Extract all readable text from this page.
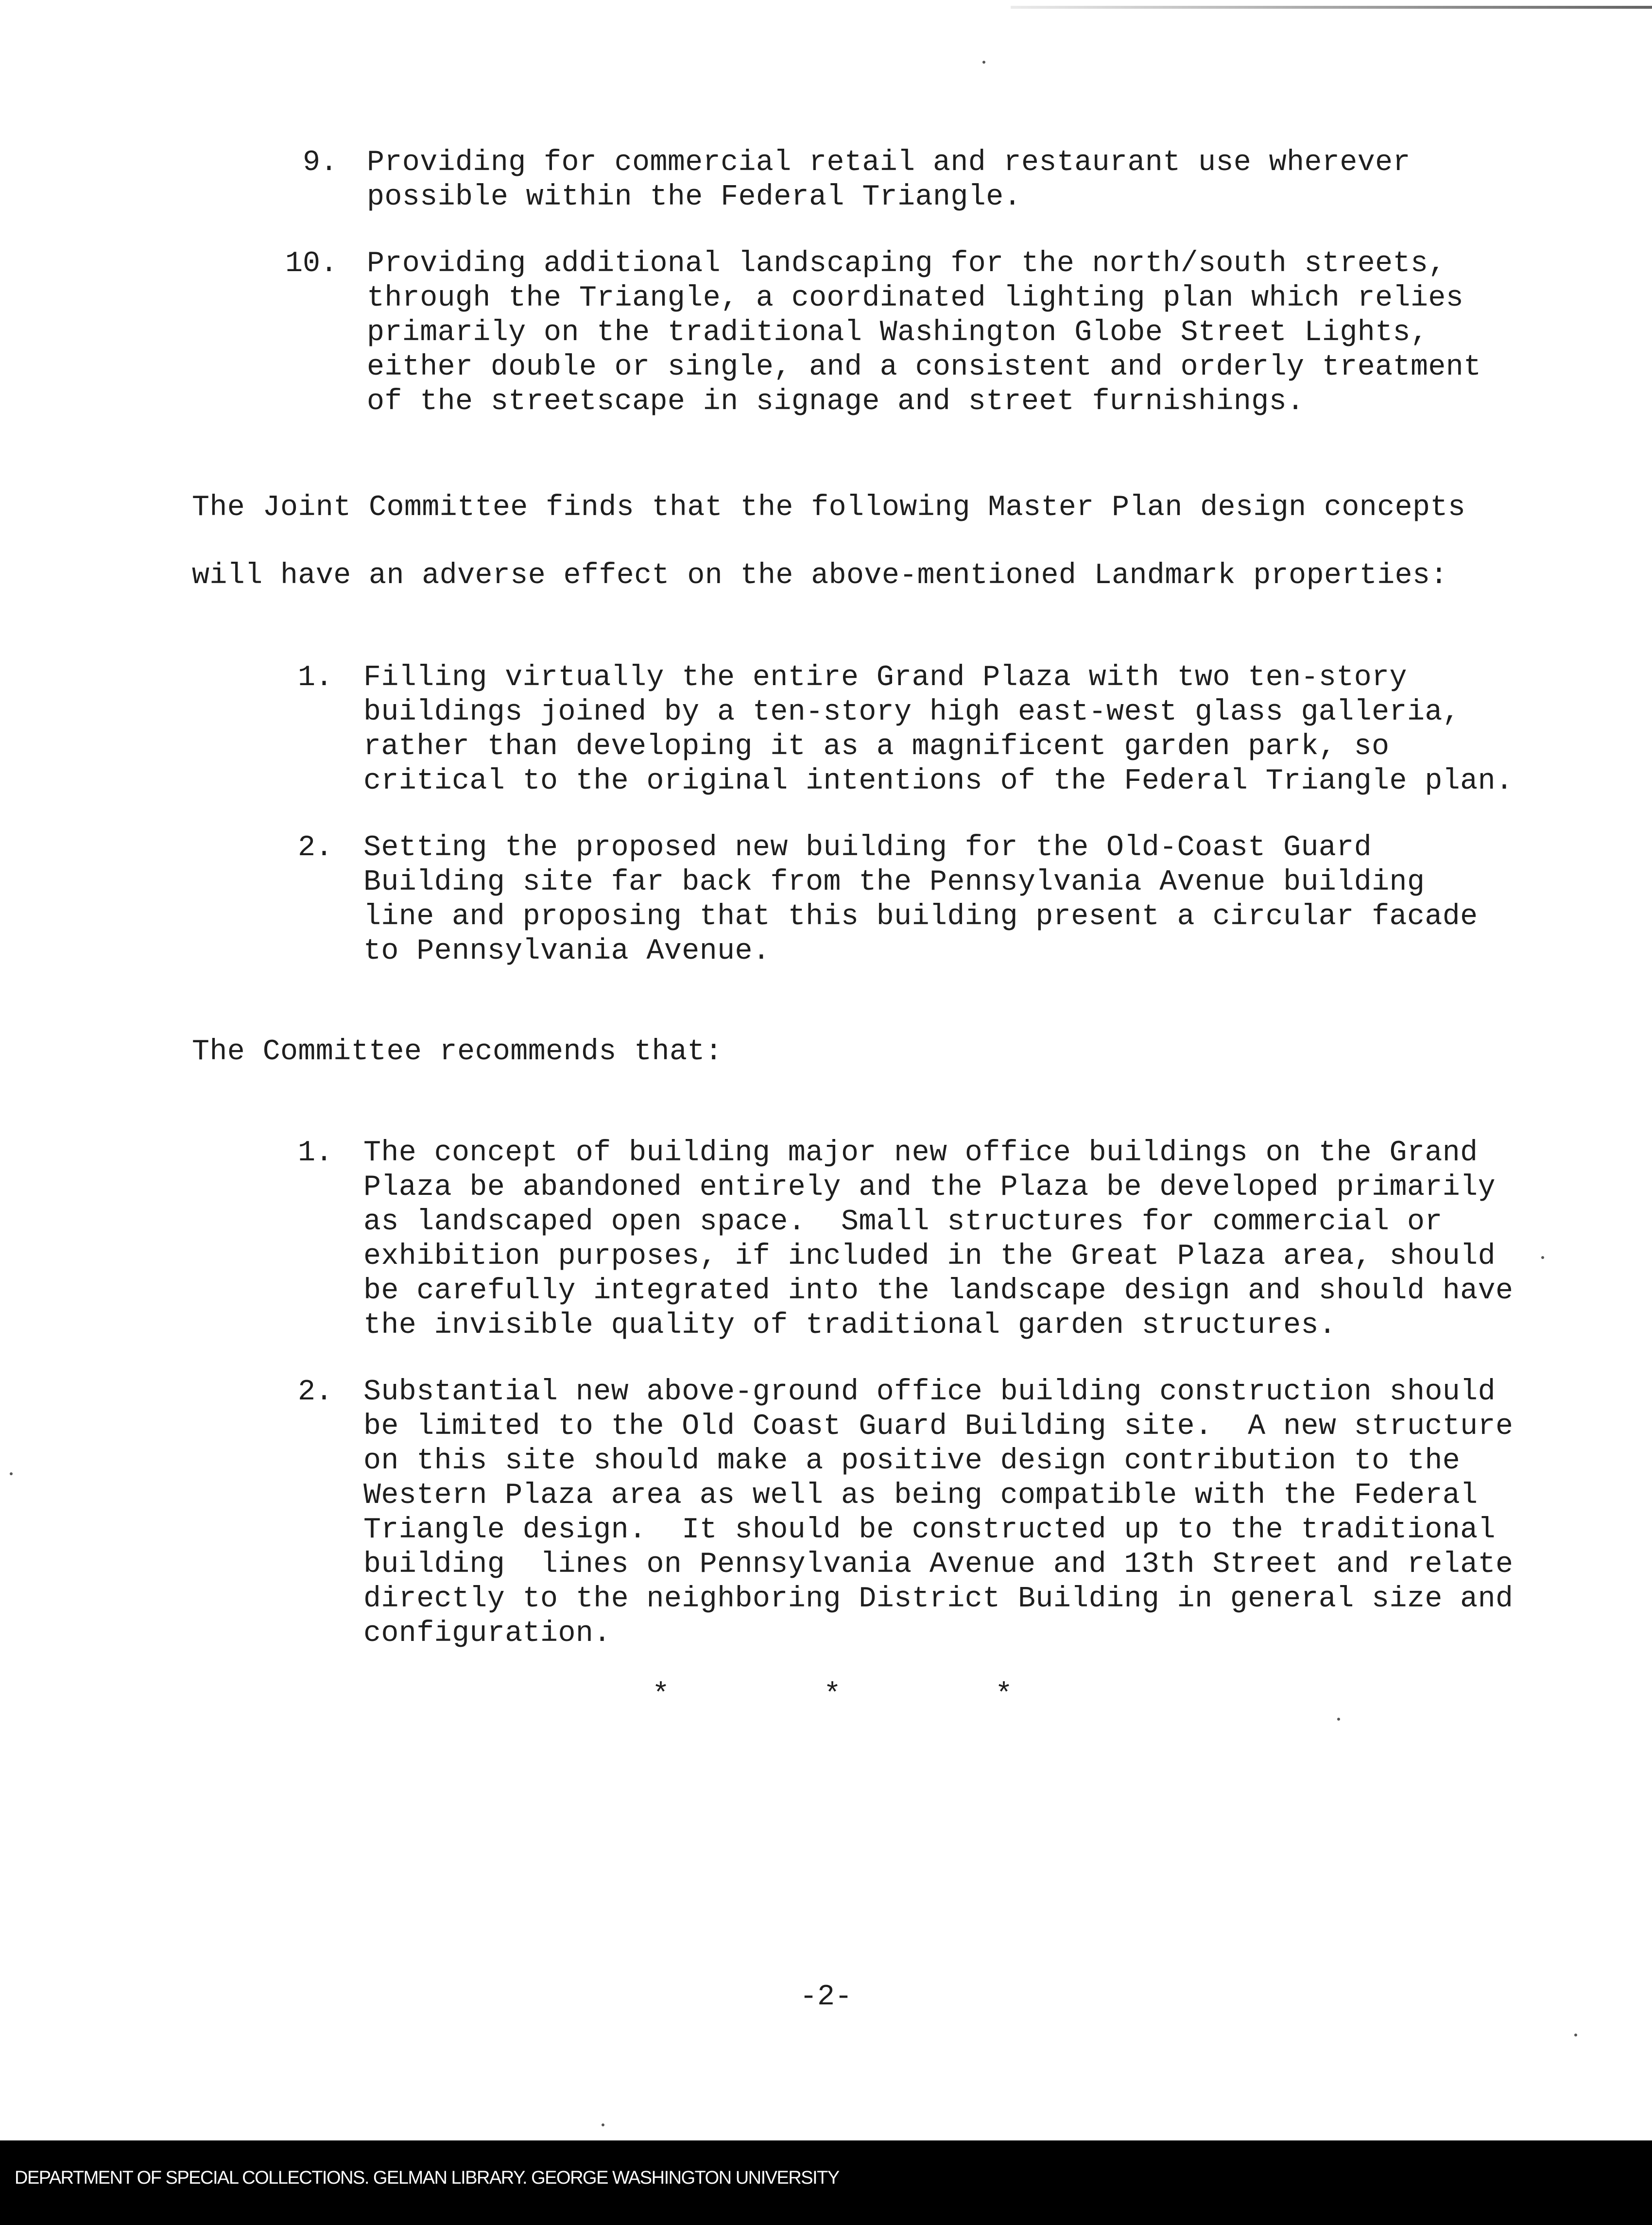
9. Providing for commercial retail and restaurant use wherever
possible within the Federal Triangle.
10. Providing additional landscaping for the north/south streets,
through the Triangle, a coordinated lighting plan which relies
primarily on the traditional Washington Globe Street Lights,
either double or single, and a consistent and orderly treatment
of the streetscape in signage and street furnishings.
The Joint Committee finds that the following Master Plan design concepts
will have an adverse effect on the above-mentioned Landmark properties:
1. Filling virtually the entire Grand Plaza with two ten-story
buildings joined by a ten-story high east-west glass galleria,
rather than developing it as a magnificent garden park, so
critical to the original intentions of the Federal Triangle plan.
2. Setting the proposed new building for the Old-Coast Guard
Building site far back from the Pennsylvania Avenue building
line and proposing that this building present a circular facade
to Pennsylvania Avenue.
The Committee recommends that:
1. The concept of building major new office buildings on the Grand
Plaza be abandoned entirely and the Plaza be developed primarily
as landscaped open space.  Small structures for commercial or
exhibition purposes, if included in the Great Plaza area, should
be carefully integrated into the landscape design and should have
the invisible quality of traditional garden structures.
2. Substantial new above-ground office building construction should
be limited to the Old Coast Guard Building site.  A new structure
on this site should make a positive design contribution to the
Western Plaza area as well as being compatible with the Federal
Triangle design.  It should be constructed up to the traditional
building  lines on Pennsylvania Avenue and 13th Street and relate
directly to the neighboring District Building in general size and
configuration.
*	*	*
-2-
DEPARTMENT OF SPECIAL COLLECTIONS. GELMAN LIBRARY. GEORGE WASHINGTON UNIVERSITY
